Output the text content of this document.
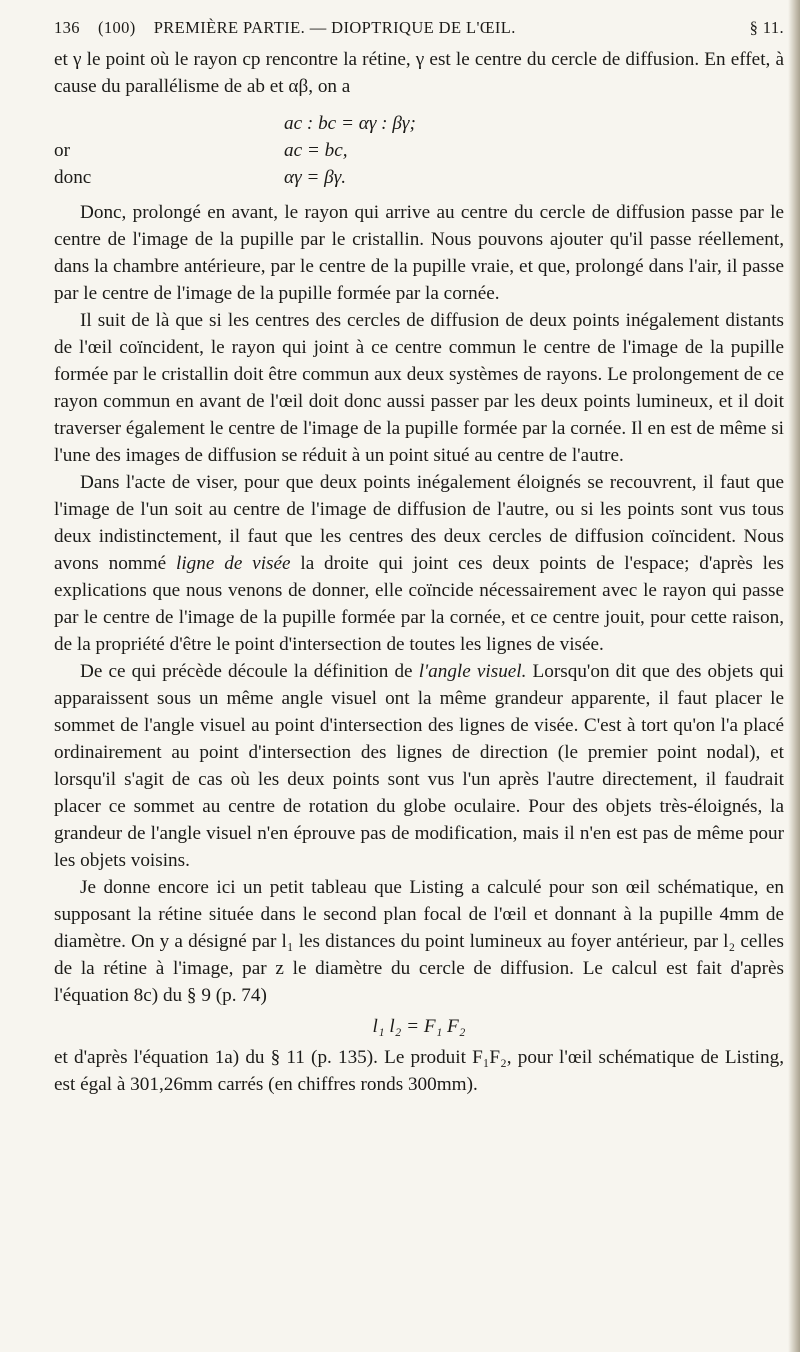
136 (100) PREMIÈRE PARTIE. — DIOPTRIQUE DE L'ŒIL.	§ 11.

et γ le point où le rayon cp rencontre la rétine, γ est le centre du cercle de diffusion. En effet, à cause du parallélisme de ab et αβ, on a

ac : bc = αγ : βγ;
or	ac = bc,
donc	αγ = βγ.

Donc, prolongé en avant, le rayon qui arrive au centre du cercle de diffusion passe par le centre de l'image de la pupille par le cristallin. Nous pouvons ajouter qu'il passe réellement, dans la chambre antérieure, par le centre de la pupille vraie, et que, prolongé dans l'air, il passe par le centre de l'image de la pupille formée par la cornée.

Il suit de là que si les centres des cercles de diffusion de deux points inégalement distants de l'œil coïncident, le rayon qui joint à ce centre commun le centre de l'image de la pupille formée par le cristallin doit être commun aux deux systèmes de rayons. Le prolongement de ce rayon commun en avant de l'œil doit donc aussi passer par les deux points lumineux, et il doit traverser également le centre de l'image de la pupille formée par la cornée. Il en est de même si l'une des images de diffusion se réduit à un point situé au centre de l'autre.

Dans l'acte de viser, pour que deux points inégalement éloignés se recouvrent, il faut que l'image de l'un soit au centre de l'image de diffusion de l'autre, ou si les points sont vus tous deux indistinctement, il faut que les centres des deux cercles de diffusion coïncident. Nous avons nommé ligne de visée la droite qui joint ces deux points de l'espace; d'après les explications que nous venons de donner, elle coïncide nécessairement avec le rayon qui passe par le centre de l'image de la pupille formée par la cornée, et ce centre jouit, pour cette raison, de la propriété d'être le point d'intersection de toutes les lignes de visée.

De ce qui précède découle la définition de l'angle visuel. Lorsqu'on dit que des objets qui apparaissent sous un même angle visuel ont la même grandeur apparente, il faut placer le sommet de l'angle visuel au point d'intersection des lignes de visée. C'est à tort qu'on l'a placé ordinairement au point d'intersection des lignes de direction (le premier point nodal), et lorsqu'il s'agit de cas où les deux points sont vus l'un après l'autre directement, il faudrait placer ce sommet au centre de rotation du globe oculaire. Pour des objets très-éloignés, la grandeur de l'angle visuel n'en éprouve pas de modification, mais il n'en est pas de même pour les objets voisins.

Je donne encore ici un petit tableau que Listing a calculé pour son œil schématique, en supposant la rétine située dans le second plan focal de l'œil et donnant à la pupille 4mm de diamètre. On y a désigné par l₁ les distances du point lumineux au foyer antérieur, par l₂ celles de la rétine à l'image, par z le diamètre du cercle de diffusion. Le calcul est fait d'après l'équation 8c) du § 9 (p. 74)

l₁ l₂ = F₁ F₂

et d'après l'équation 1a) du § 11 (p. 135). Le produit F₁F₂, pour l'œil schématique de Listing, est égal à 301,26mm carrés (en chiffres ronds 300mm).
